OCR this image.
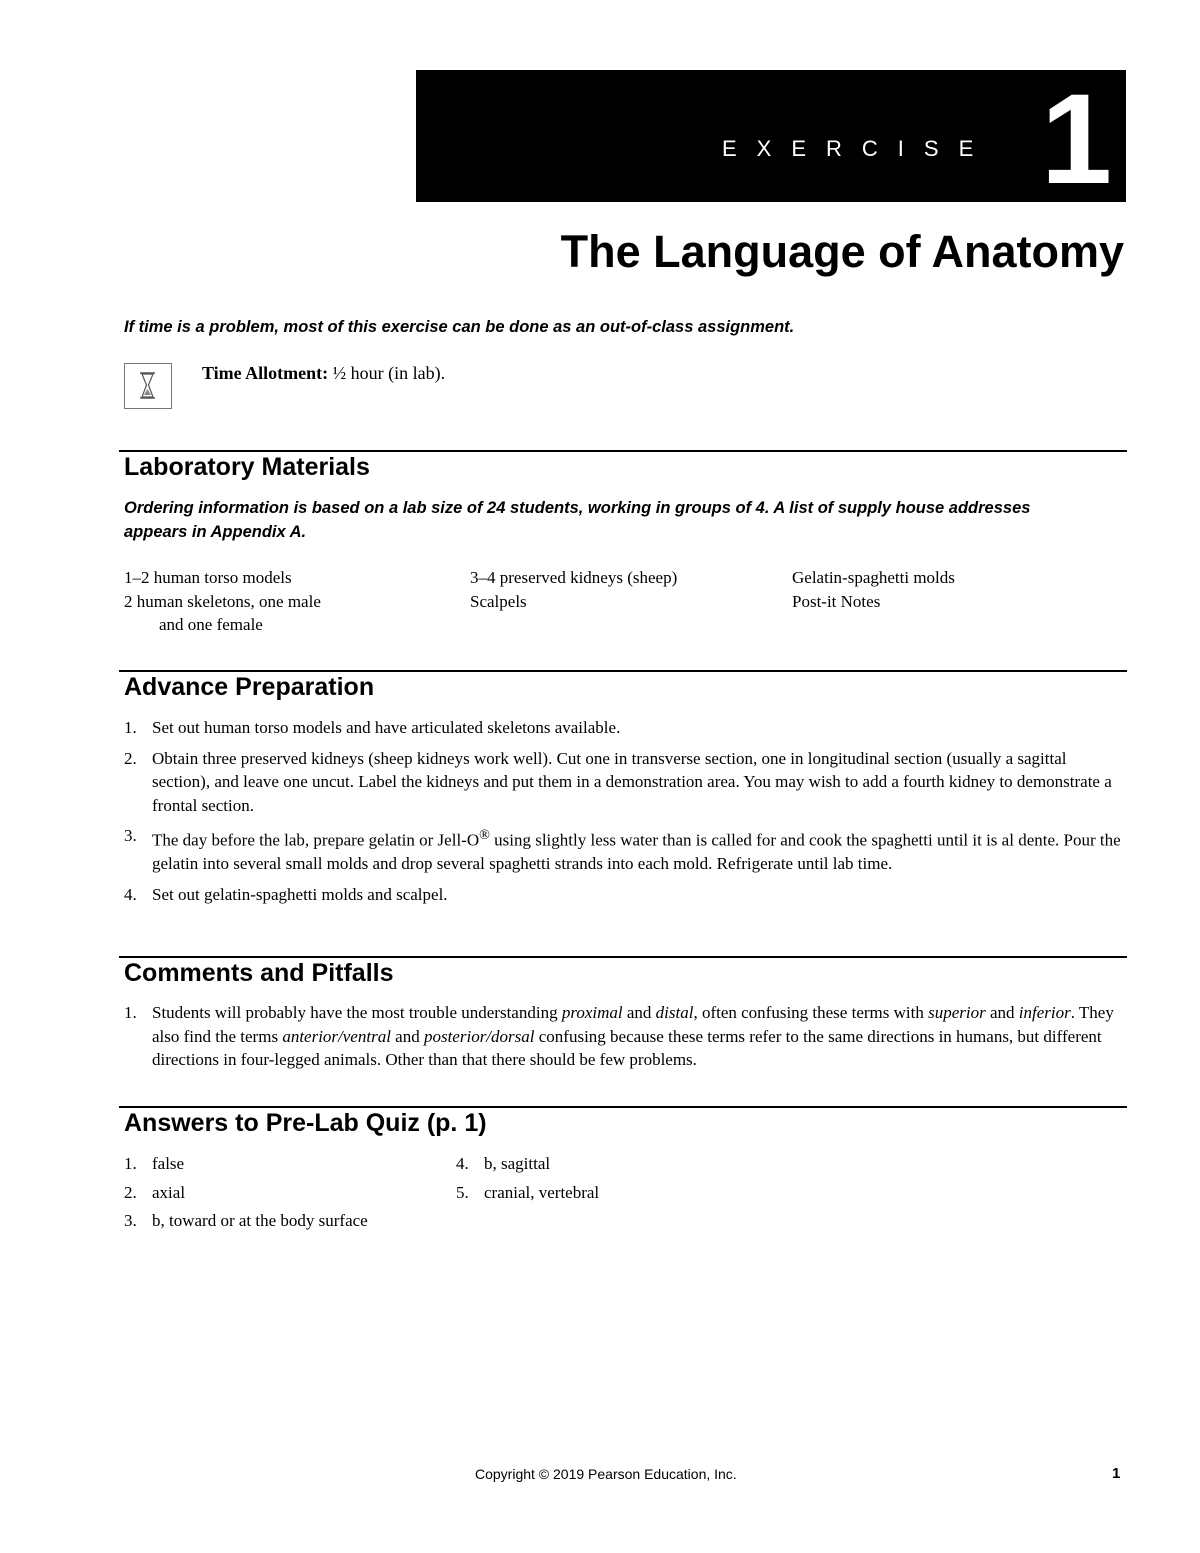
EXERCISE 1
The Language of Anatomy
If time is a problem, most of this exercise can be done as an out-of-class assignment.
Time Allotment: ½ hour (in lab).
Laboratory Materials
Ordering information is based on a lab size of 24 students, working in groups of 4. A list of supply house addresses appears in Appendix A.
1–2 human torso models
2 human skeletons, one male
and one female
3–4 preserved kidneys (sheep)
Scalpels
Gelatin-spaghetti molds
Post-it Notes
Advance Preparation
1. Set out human torso models and have articulated skeletons available.
2. Obtain three preserved kidneys (sheep kidneys work well). Cut one in transverse section, one in longitudinal section (usually a sagittal section), and leave one uncut. Label the kidneys and put them in a demonstration area. You may wish to add a fourth kidney to demonstrate a frontal section.
3. The day before the lab, prepare gelatin or Jell-O® using slightly less water than is called for and cook the spaghetti until it is al dente. Pour the gelatin into several small molds and drop several spaghetti strands into each mold. Refrigerate until lab time.
4. Set out gelatin-spaghetti molds and scalpel.
Comments and Pitfalls
1. Students will probably have the most trouble understanding proximal and distal, often confusing these terms with superior and inferior. They also find the terms anterior/ventral and posterior/dorsal confusing because these terms refer to the same directions in humans, but different directions in four-legged animals. Other than that there should be few problems.
Answers to Pre-Lab Quiz (p. 1)
1. false
2. axial
3. b, toward or at the body surface
4. b, sagittal
5. cranial, vertebral
Copyright © 2019 Pearson Education, Inc.	1
